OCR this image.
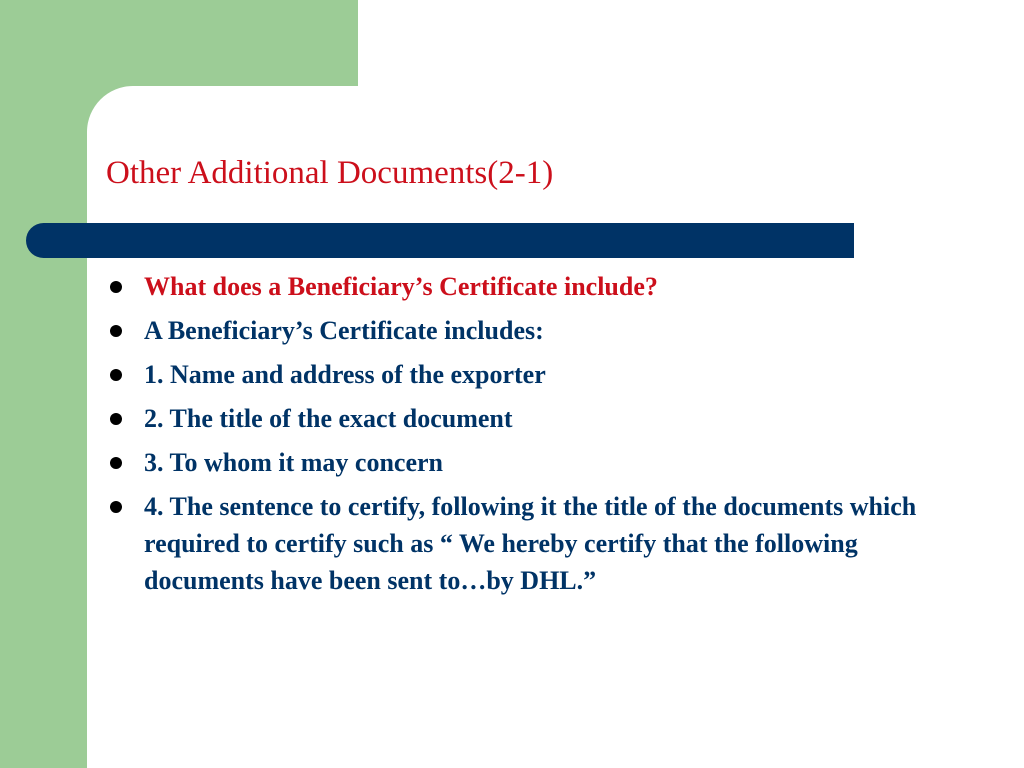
Other Additional Documents(2-1)
What does a Beneficiary’s Certificate include?
A Beneficiary’s Certificate includes:
1. Name and address of the exporter
2. The title of the exact document
3. To whom it may concern
4. The sentence to certify, following it the title of the documents which required to certify such as “ We hereby certify that the following documents have been sent to…by DHL.”
